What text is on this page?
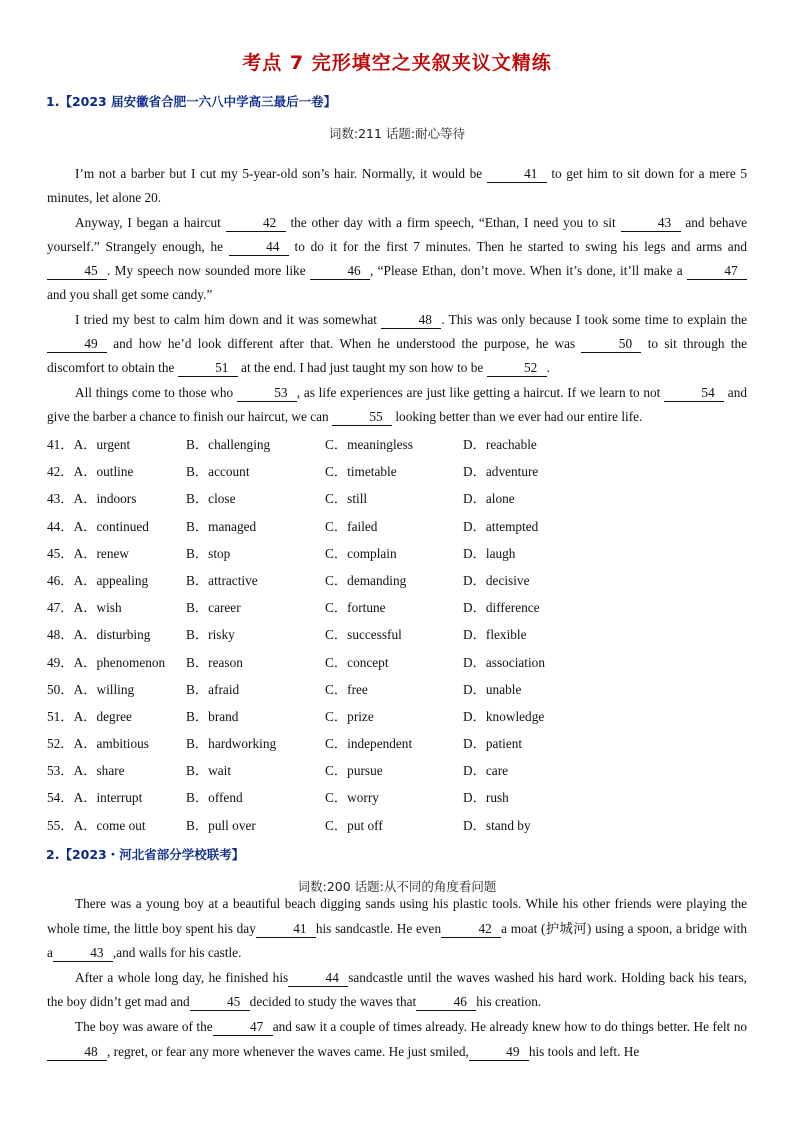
考点 7 完形填空之夹叙夹议文精练
1.【2023 届安徽省合肥一六八中学高三最后一卷】
词数:211 话题:耐心等待

I’m not a barber but I cut my 5-year-old son’s hair. Normally, it would be	41 to get him to sit down for a mere 5 minutes, let alone 20.

Anyway, I began a haircut	42 the other day with a firm speech, “Ethan, I need you to sit	43 and behave yourself.” Strangely enough, he	44 to do it for the first 7 minutes. Then he started to swing his legs and arms and 45 . My speech now sounded more like	46 , “Please Ethan, don’t move. When it’s done, it’ll make a	47 and you shall get some candy.”

I tried my best to calm him down and it was somewhat	48 . This was only because I took some time to explain the 49 and how he’d look different after that. When he understood the purpose, he was	50 to sit through the discomfort to obtain the	51 at the end. I had just taught my son how to be	52 .

All things come to those who	53 , as life experiences are just like getting a haircut. If we learn to not	54 and give the barber a chance to finish our haircut, we can	55 looking better than we ever had our entire life.

41．A．urgent	B．challenging	C．meaningless	D．reachable
42．A．outline	B．account	C．timetable	D．adventure
43．A．indoors	B．close	C．still	D．alone
44．A．continued	B．managed	C．failed	D．attempted
45．A．renew	B．stop	C．complain	D．laugh
46．A．appealing	B．attractive	C．demanding	D．decisive
47．A．wish	B．career	C．fortune	D．difference
48．A．disturbing	B．risky	C．successful	D．flexible
49．A．phenomenon B．reason	C．concept	D．association
50．A．willing	B．afraid	C．free	D．unable
51．A．degree	B．brand	C．prize	D．knowledge
52．A．ambitious	B．hardworking	C．independent	D．patient
53．A．share	B．wait	C．pursue	D．care
54．A．interrupt	B．offend	C．worry	D．rush
55．A．come out	B．pull over	C．put off	D．stand by
2.【2023・河北省部分学校联考】
词数:200 话题:从不同的角度看问题

There was a young boy at a beautiful beach digging sands using his plastic tools. While his other friends were playing the whole time, the little boy spent his day	41 his sandcastle. He even	42 a moat (护城河) using a spoon, a bridge with a	43 ,and walls for his castle.

After a whole long day, he finished his	44 sandcastle until the waves washed his hard work. Holding back his tears, the boy didn’t get mad and	45 decided to study the waves that	46 his creation.

The boy was aware of the	47 and saw it a couple of times already. He already knew how to do things better. He felt no48 , regret, or fear any more whenever the waves came. He just smiled,	49 his tools and left. He
